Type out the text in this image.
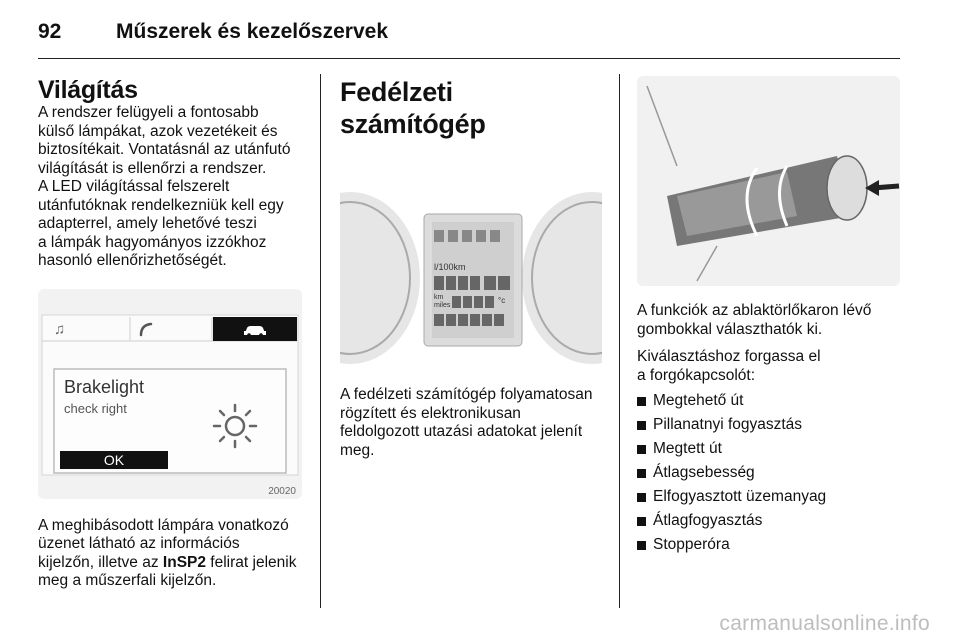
92	Műszerek és kezelőszervek
Világítás

A rendszer felügyeli a fontosabb

külső lámpákat, azok vezetékeit és

biztosítékait. Vontatásnál az utánfutó

világítását is ellenőrzi a rendszer.

A LED világítással felszerelt

utánfutóknak rendelkezniük kell egy

adapterrel, amely lehetővé teszi

a lámpák hagyományos izzókhoz

hasonló ellenőrizhetőségét.

♫
Brakelight
check right
OK
20020

A meghibásodott lámpára vonatkozó

üzenet látható az információs

kijelzőn, illetve az InSP2 felirat jelenik

meg a műszerfali kijelzőn.

Fedélzeti számítógép
l/100km
km
miles
°c

A fedélzeti számítógép folyamatosan

rögzített és elektronikusan

feldolgozott utazási adatokat jelenít

meg.

A funkciók az ablaktörlőkaron lévő

gombokkal választhatók ki.

Kiválasztáshoz forgassa el

a forgókapcsolót:

Megtehető út
Pillanatnyi fogyasztás
Megtett út
Átlagsebesség
Elfogyasztott üzemanyag
Átlagfogyasztás
Stopperóra
carmanualsonline.info
